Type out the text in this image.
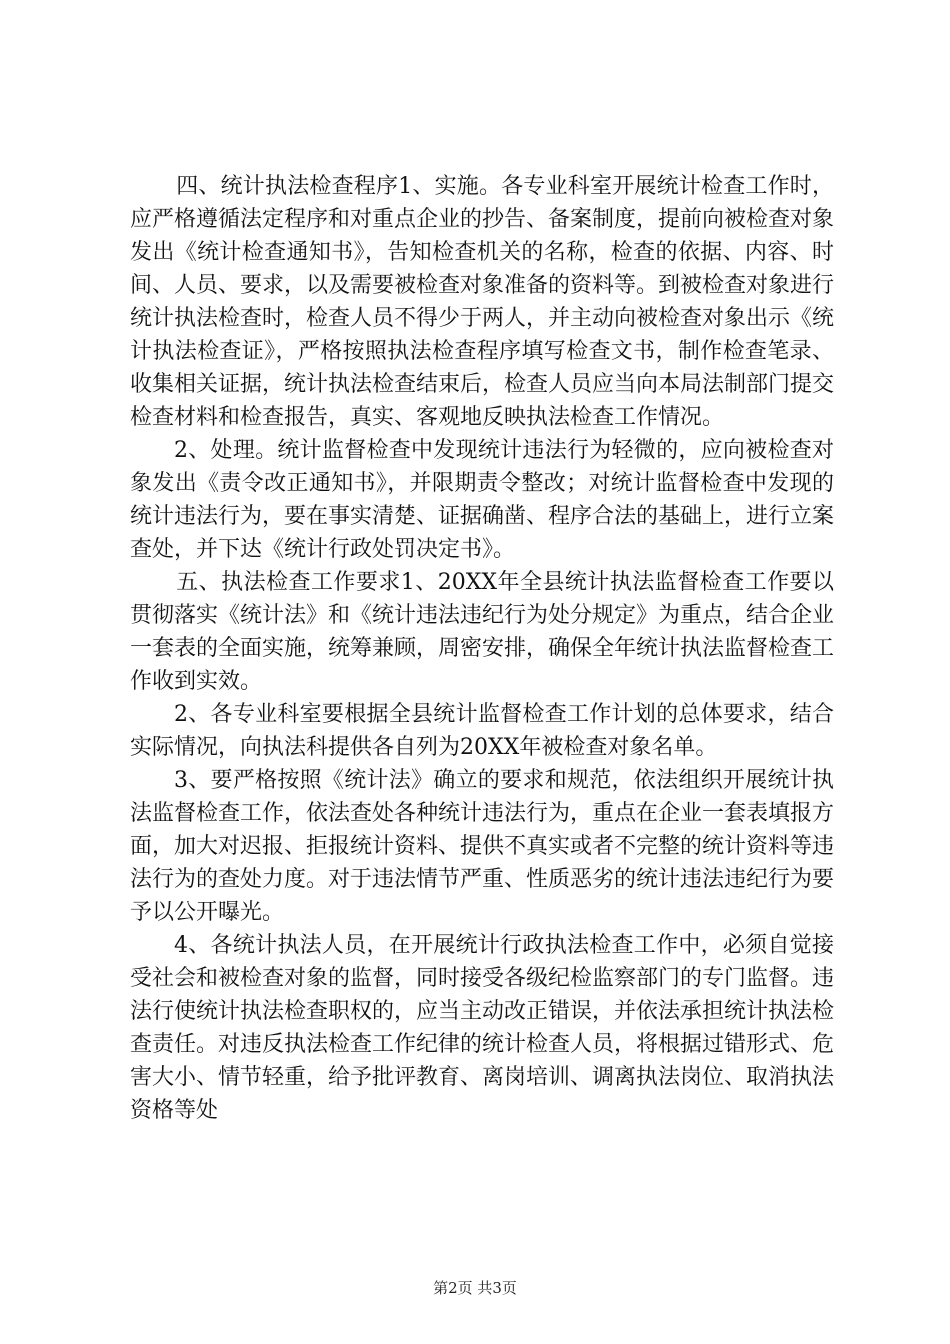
四、统计执法检查程序1、实施。各专业科室开展统计检查工作时，应严格遵循法定程序和对重点企业的抄告、备案制度，提前向被检查对象发出《统计检查通知书》，告知检查机关的名称，检查的依据、内容、时间、人员、要求，以及需要被检查对象准备的资料等。到被检查对象进行统计执法检查时，检查人员不得少于两人，并主动向被检查对象出示《统计执法检查证》，严格按照执法检查程序填写检查文书，制作检查笔录、收集相关证据，统计执法检查结束后，检查人员应当向本局法制部门提交检查材料和检查报告，真实、客观地反映执法检查工作情况。

2、处理。统计监督检查中发现统计违法行为轻微的，应向被检查对象发出《责令改正通知书》，并限期责令整改；对统计监督检查中发现的统计违法行为，要在事实清楚、证据确凿、程序合法的基础上，进行立案查处，并下达《统计行政处罚决定书》。

五、执法检查工作要求1、20XX年全县统计执法监督检查工作要以贯彻落实《统计法》和《统计违法违纪行为处分规定》为重点，结合企业一套表的全面实施，统筹兼顾，周密安排，确保全年统计执法监督检查工作收到实效。

2、各专业科室要根据全县统计监督检查工作计划的总体要求，结合实际情况，向执法科提供各自列为20XX年被检查对象名单。

3、要严格按照《统计法》确立的要求和规范，依法组织开展统计执法监督检查工作，依法查处各种统计违法行为，重点在企业一套表填报方面，加大对迟报、拒报统计资料、提供不真实或者不完整的统计资料等违法行为的查处力度。对于违法情节严重、性质恶劣的统计违法违纪行为要予以公开曝光。

4、各统计执法人员，在开展统计行政执法检查工作中，必须自觉接受社会和被检查对象的监督，同时接受各级纪检监察部门的专门监督。违法行使统计执法检查职权的，应当主动改正错误，并依法承担统计执法检查责任。对违反执法检查工作纪律的统计检查人员，将根据过错形式、危害大小、情节轻重，给予批评教育、离岗培训、调离执法岗位、取消执法资格等处

第2页 共3页
